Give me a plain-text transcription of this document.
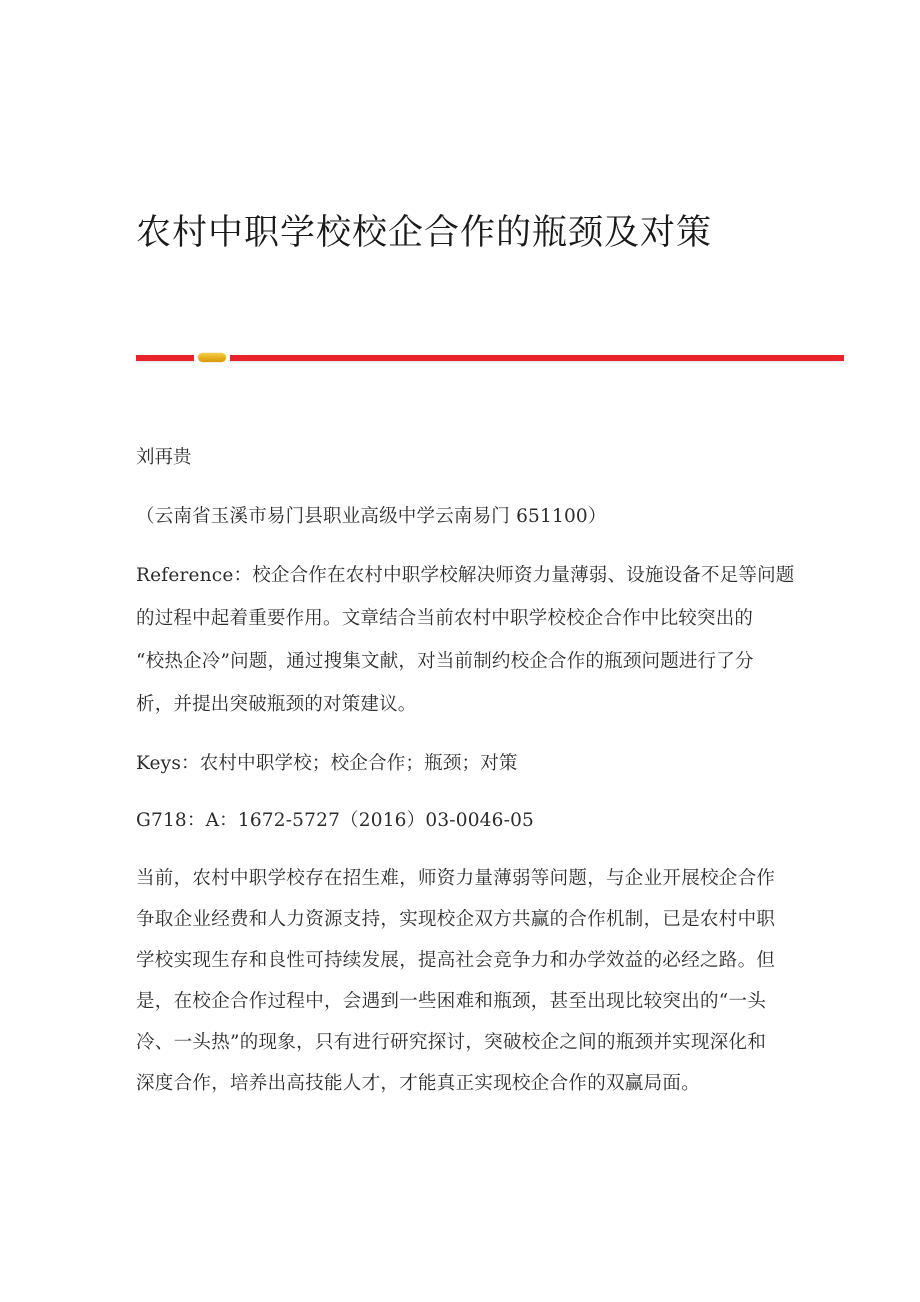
农村中职学校校企合作的瓶颈及对策

刘再贵

（云南省玉溪市易门县职业高级中学云南易门 651100）

Reference：校企合作在农村中职学校解决师资力量薄弱、设施设备不足等问题

的过程中起着重要作用。文章结合当前农村中职学校校企合作中比较突出的

“校热企冷”问题，通过搜集文献，对当前制约校企合作的瓶颈问题进行了分

析，并提出突破瓶颈的对策建议。

Keys：农村中职学校；校企合作；瓶颈；对策

G718：A：1672-5727（2016）03-0046-05

当前，农村中职学校存在招生难，师资力量薄弱等问题，与企业开展校企合作

争取企业经费和人力资源支持，实现校企双方共赢的合作机制，已是农村中职

学校实现生存和良性可持续发展，提高社会竞争力和办学效益的必经之路。但

是，在校企合作过程中，会遇到一些困难和瓶颈，甚至出现比较突出的“一头

冷、一头热”的现象，只有进行研究探讨，突破校企之间的瓶颈并实现深化和

深度合作，培养出高技能人才，才能真正实现校企合作的双赢局面。
